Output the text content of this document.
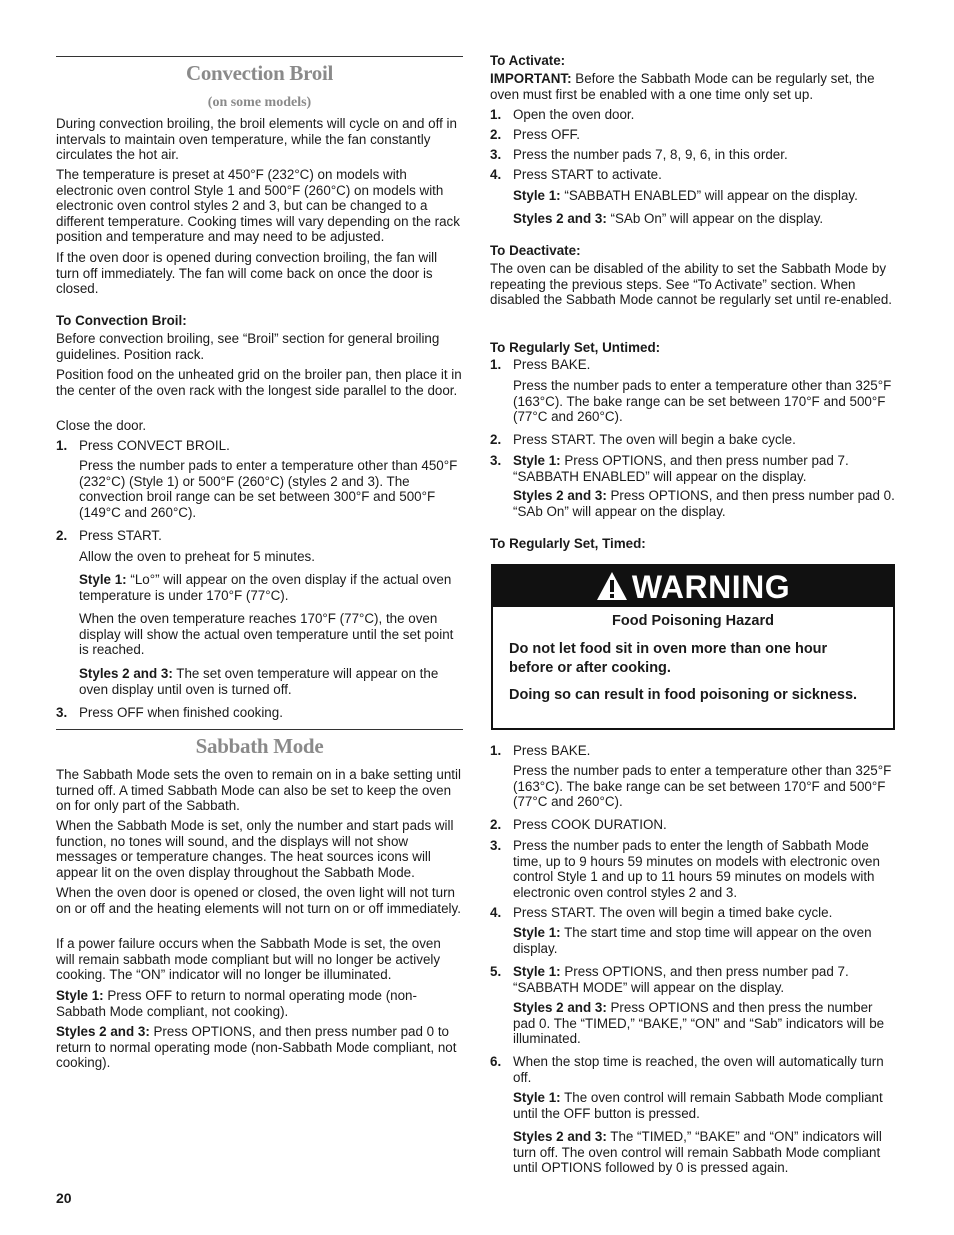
Convection Broil
(on some models)

During convection broiling, the broil elements will cycle on and off in intervals to maintain oven temperature, while the fan constantly circulates the hot air.

The temperature is preset at 450°F (232°C) on models with electronic oven control Style 1 and 500°F (260°C) on models with electronic oven control styles 2 and 3, but can be changed to a different temperature. Cooking times will vary depending on the rack position and temperature and may need to be adjusted.

If the oven door is opened during convection broiling, the fan will turn off immediately. The fan will come back on once the door is closed.

To Convection Broil:

Before convection broiling, see “Broil” section for general broiling guidelines. Position rack.

Position food on the unheated grid on the broiler pan, then place it in the center of the oven rack with the longest side parallel to the door.

Close the door.

1. Press CONVECT BROIL.

Press the number pads to enter a temperature other than 450°F (232°C) (Style 1) or 500°F (260°C) (styles 2 and 3). The convection broil range can be set between 300°F and 500°F (149°C and 260°C).

2. Press START.

Allow the oven to preheat for 5 minutes.

Style 1: “Lo°” will appear on the oven display if the actual oven temperature is under 170°F (77°C).

When the oven temperature reaches 170°F (77°C), the oven display will show the actual oven temperature until the set point is reached.

Styles 2 and 3: The set oven temperature will appear on the oven display until oven is turned off.

3. Press OFF when finished cooking.
Sabbath Mode

The Sabbath Mode sets the oven to remain on in a bake setting until turned off. A timed Sabbath Mode can also be set to keep the oven on for only part of the Sabbath.

When the Sabbath Mode is set, only the number and start pads will function, no tones will sound, and the displays will not show messages or temperature changes. The heat sources icons will appear lit on the oven display throughout the Sabbath Mode.

When the oven door is opened or closed, the oven light will not turn on or off and the heating elements will not turn on or off immediately.

If a power failure occurs when the Sabbath Mode is set, the oven will remain sabbath mode compliant but will no longer be actively cooking. The “ON” indicator will no longer be illuminated.

Style 1: Press OFF to return to normal operating mode (non-Sabbath Mode compliant, not cooking).

Styles 2 and 3: Press OPTIONS, and then press number pad 0 to return to normal operating mode (non-Sabbath Mode compliant, not cooking).

To Activate:

IMPORTANT: Before the Sabbath Mode can be regularly set, the oven must first be enabled with a one time only set up.

1. Open the oven door.
2. Press OFF.
3. Press the number pads 7, 8, 9, 6, in this order.
4. Press START to activate.

Style 1: “SABBATH ENABLED” will appear on the display.

Styles 2 and 3: “SAb On” will appear on the display.

To Deactivate:

The oven can be disabled of the ability to set the Sabbath Mode by repeating the previous steps. See “To Activate” section. When disabled the Sabbath Mode cannot be regularly set until re-enabled.

To Regularly Set, Untimed:
1. Press BAKE.

Press the number pads to enter a temperature other than 325°F (163°C). The bake range can be set between 170°F and 500°F (77°C and 260°C).

2. Press START. The oven will begin a bake cycle.
3. Style 1: Press OPTIONS, and then press number pad 7. “SABBATH ENABLED” will appear on the display.

Styles 2 and 3: Press OPTIONS, and then press number pad 0. “SAb On” will appear on the display.

To Regularly Set, Timed:
1. Press BAKE.

Press the number pads to enter a temperature other than 325°F (163°C). The bake range can be set between 170°F and 500°F (77°C and 260°C).

2. Press COOK DURATION.
3. Press the number pads to enter the length of Sabbath Mode time, up to 9 hours 59 minutes on models with electronic oven control Style 1 and up to 11 hours 59 minutes on models with electronic oven control styles 2 and 3.
4. Press START. The oven will begin a timed bake cycle.

Style 1: The start time and stop time will appear on the oven display.

5. Style 1: Press OPTIONS, and then press number pad 7. “SABBATH MODE” will appear on the display.

Styles 2 and 3: Press OPTIONS and then press the number pad 0. The “TIMED,” “BAKE,” “ON” and “Sab” indicators will be illuminated.

6. When the stop time is reached, the oven will automatically turn off.

Style 1: The oven control will remain Sabbath Mode compliant until the OFF button is pressed.

Styles 2 and 3: The “TIMED,” “BAKE” and “ON” indicators will turn off. The oven control will remain Sabbath Mode compliant until OPTIONS followed by 0 is pressed again.

WARNING
Food Poisoning Hazard
Do not let food sit in oven more than one hour before or after cooking.
Doing so can result in food poisoning or sickness.
20
